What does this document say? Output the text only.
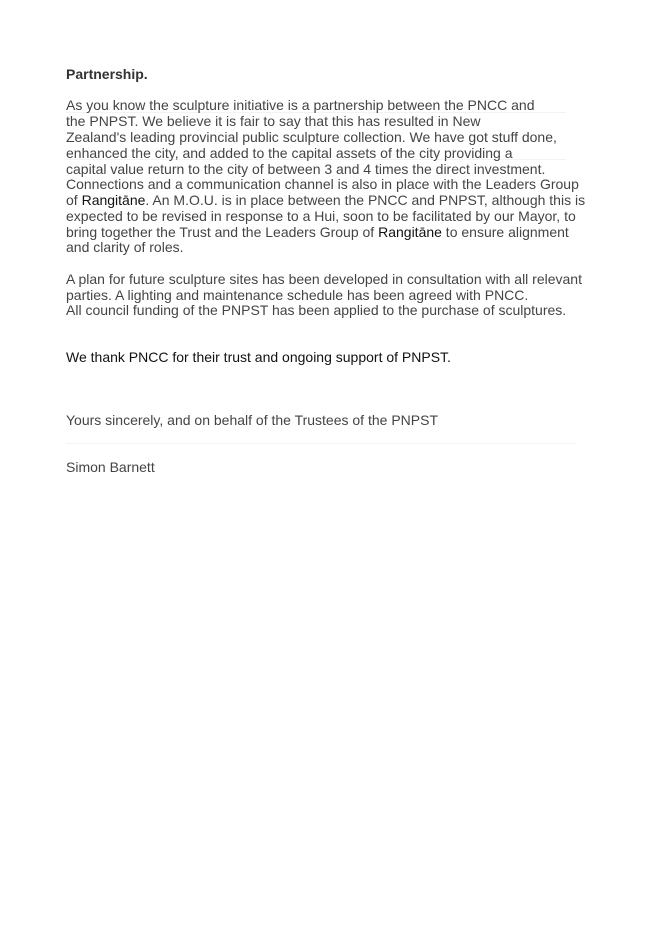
Partnership.
As you know the sculpture initiative is a partnership between the PNCC and
the PNPST. We believe it is fair to say that this has resulted in New
Zealand's leading provincial public sculpture collection. We have got stuff done,
enhanced the city, and added to the capital assets of the city providing a
capital value return to the city of between 3 and 4 times the direct investment.
Connections and a communication channel is also in place with the Leaders Group
of Rangitāne. An M.O.U. is in place between the PNCC and PNPST, although this is
expected to be revised in response to a Hui, soon to be facilitated by our Mayor, to
bring together the Trust and the Leaders Group of Rangitāne to ensure alignment
and clarity of roles.
A plan for future sculpture sites has been developed in consultation with all relevant
parties. A lighting and maintenance schedule has been agreed with PNCC.
All council funding of the PNPST has been applied to the purchase of sculptures.
We thank PNCC for their trust and ongoing support of PNPST.
Yours sincerely, and on behalf of the Trustees of the PNPST
Simon Barnett
